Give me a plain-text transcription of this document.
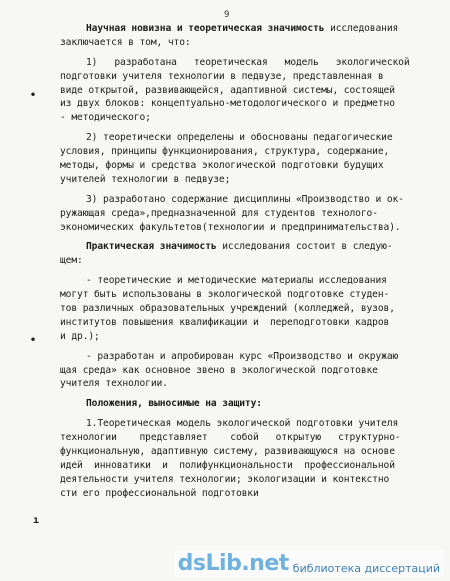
9
•
•
ı
Научная новизна и теоретическая значимость исследования
заключается в том, что:
1)   разработана   теоретическая   модель   экологической
подготовки учителя технологии в педвузе, представленная в
виде открытой, развивающейся, адаптивной системы, состоящей
из двух блоков: концептуально-методологического и предметно
- методического;
2) теоретически определены и обоснованы педагогические
условия, принципы функционирования, структура, содержание,
методы, формы и средства экологической подготовки будущих
учителей технологии в педвузе;
3) разработано содержание дисциплины «Производство и ок-
ружающая среда»,предназначенной для студентов технолого-
экономических факультетов(технологии и предпринимательства).
Практическая значимость исследования состоит в следую-
щем:
- теоретические и методические материалы исследования
могут быть использованы в экологической подготовке студен-
тов различных образовательных учреждений (колледжей, вузов,
институтов повышения квалификации и  переподготовки кадров
и др.);
- разработан и апробирован курс «Производство и окружаю
щая среда» как основное звено в экологической подготовке
учителя технологии.
Положения, выносимые на защиту:
1.Теоретическая модель экологической подготовки учителя
технологии    представляет    собой   открытую   структурно-
функциональную, адаптивную систему, развивающуюся на основе
идей  инноватики  и  полифункциональности  профессиональной
деятельности учителя технологии; экологизации и контекстно
сти его профессиональной подготовки
dsLib.net библиотека диссертаций
